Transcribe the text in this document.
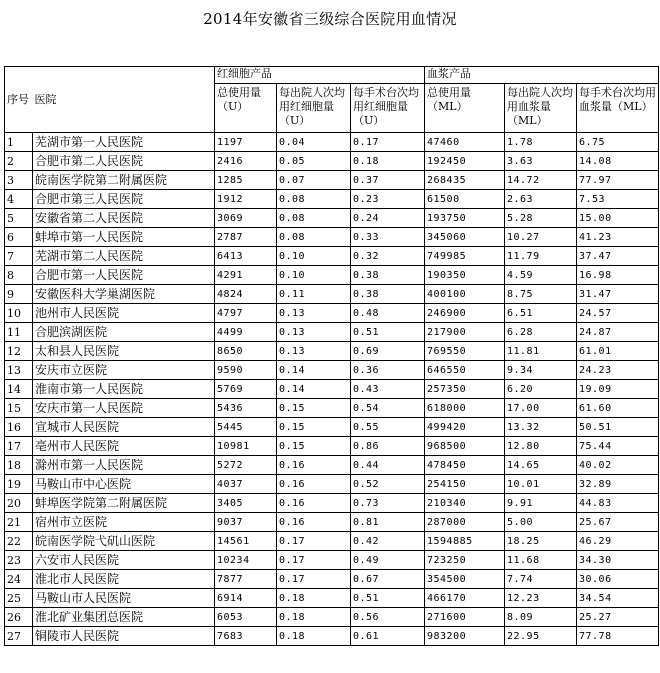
2014年安徽省三级综合医院用血情况
序号	医院	红细胞产品			血浆产品		
		总使用量（U）	每出院人次均用红细胞量（U）	每手术台次均用红细胞量（U）	总使用量（ML）	每出院人次均用血浆量（ML）	每手术台次均用血浆量（ML）
1	芜湖市第一人民医院	1197	0.04	0.17	47460	1.78	6.75
2	合肥市第二人民医院	2416	0.05	0.18	192450	3.63	14.08
3	皖南医学院第二附属医院	1285	0.07	0.37	268435	14.72	77.97
4	合肥市第三人民医院	1912	0.08	0.23	61500	2.63	7.53
5	安徽省第二人民医院	3069	0.08	0.24	193750	5.28	15.00
6	蚌埠市第一人民医院	2787	0.08	0.33	345060	10.27	41.23
7	芜湖市第二人民医院	6413	0.10	0.32	749985	11.79	37.47
8	合肥市第一人民医院	4291	0.10	0.38	190350	4.59	16.98
9	安徽医科大学巢湖医院	4824	0.11	0.38	400100	8.75	31.47
10	池州市人民医院	4797	0.13	0.48	246900	6.51	24.57
11	合肥滨湖医院	4499	0.13	0.51	217900	6.28	24.87
12	太和县人民医院	8650	0.13	0.69	769550	11.81	61.01
13	安庆市立医院	9590	0.14	0.36	646550	9.34	24.23
14	淮南市第一人民医院	5769	0.14	0.43	257350	6.20	19.09
15	安庆市第一人民医院	5436	0.15	0.54	618000	17.00	61.60
16	宣城市人民医院	5445	0.15	0.55	499420	13.32	50.51
17	亳州市人民医院	10981	0.15	0.86	968500	12.80	75.44
18	滁州市第一人民医院	5272	0.16	0.44	478450	14.65	40.02
19	马鞍山市中心医院	4037	0.16	0.52	254150	10.01	32.89
20	蚌埠医学院第二附属医院	3405	0.16	0.73	210340	9.91	44.83
21	宿州市立医院	9037	0.16	0.81	287000	5.00	25.67
22	皖南医学院弋矶山医院	14561	0.17	0.42	1594885	18.25	46.29
23	六安市人民医院	10234	0.17	0.49	723250	11.68	34.30
24	淮北市人民医院	7877	0.17	0.67	354500	7.74	30.06
25	马鞍山市人民医院	6914	0.18	0.51	466170	12.23	34.54
26	淮北矿业集团总医院	6053	0.18	0.56	271600	8.09	25.27
27	铜陵市人民医院	7683	0.18	0.61	983200	22.95	77.78
